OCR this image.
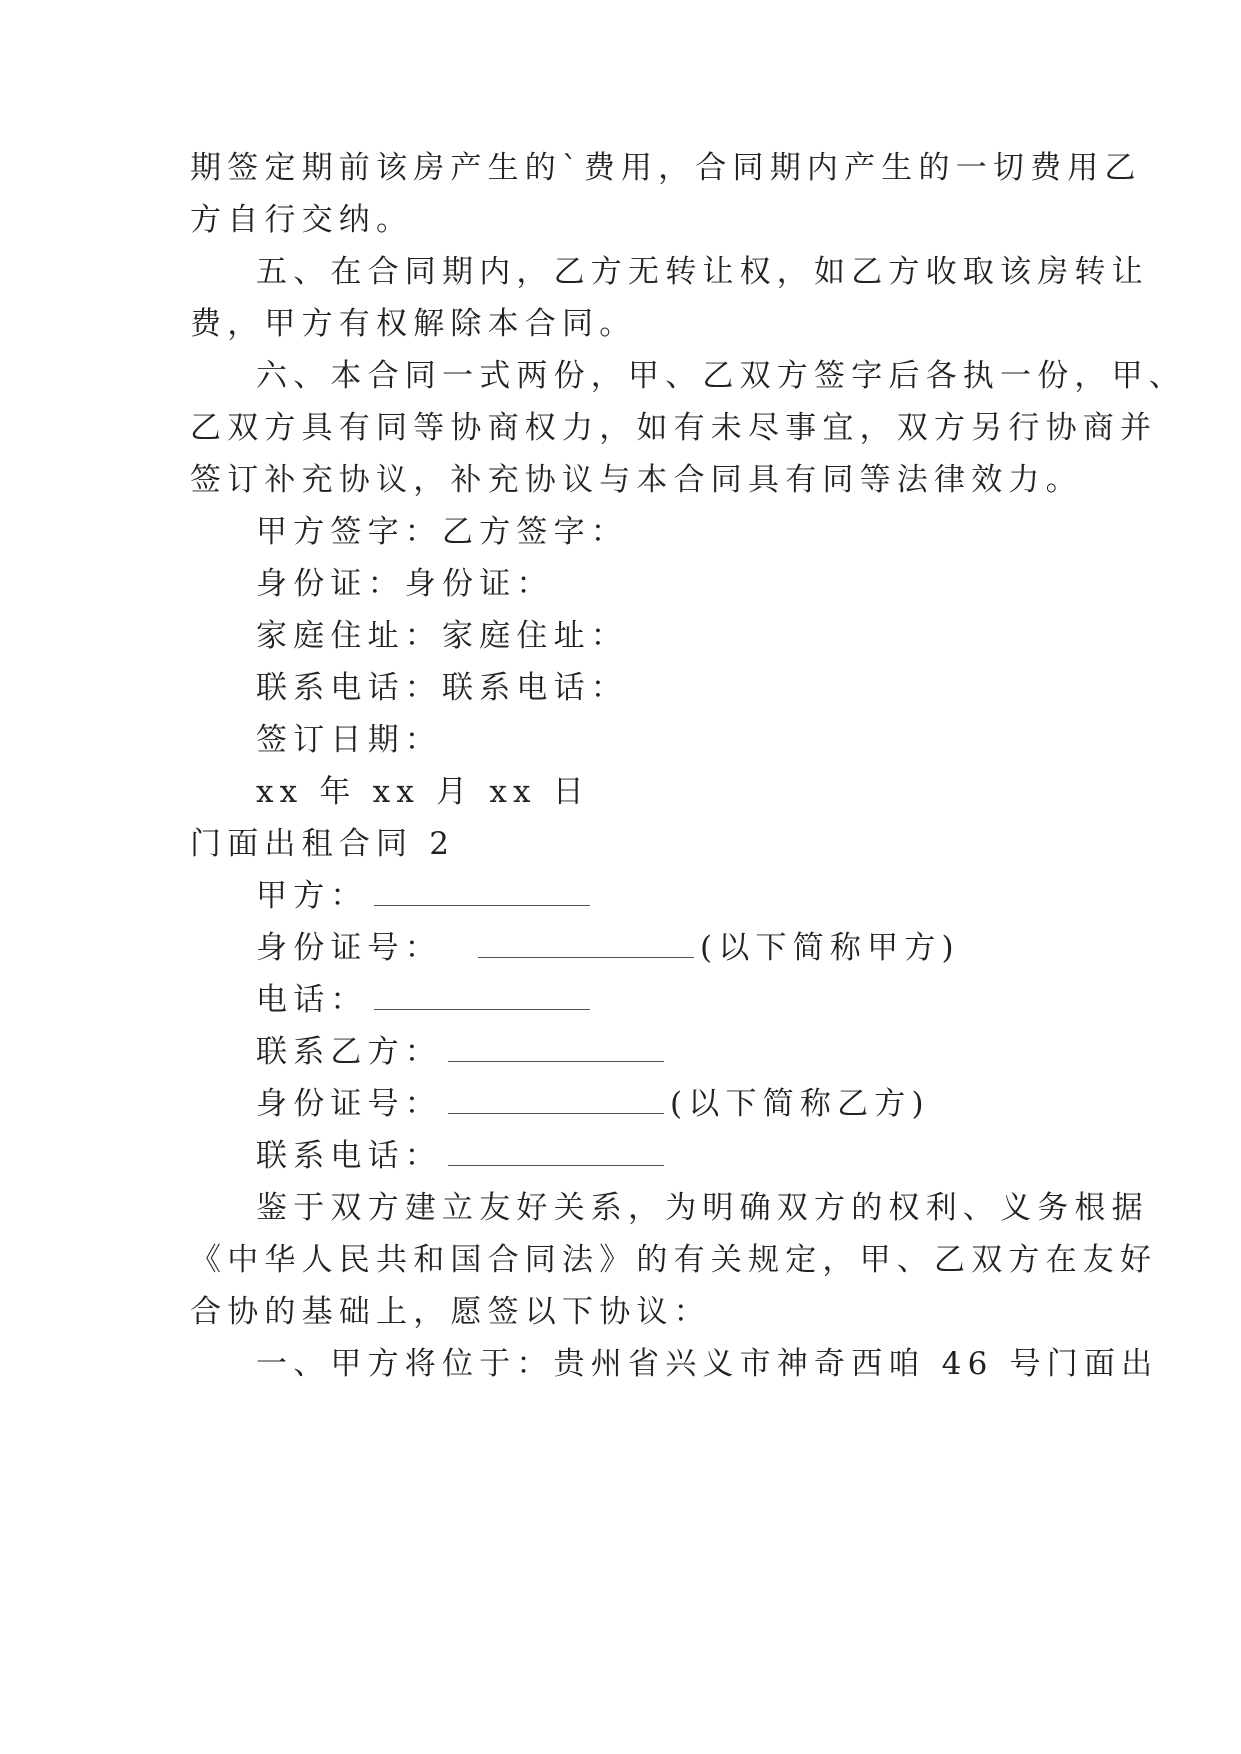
期签定期前该房产生的`费用，合同期内产生的一切费用乙
方自行交纳。
五、在合同期内，乙方无转让权，如乙方收取该房转让
费，甲方有权解除本合同。
六、本合同一式两份，甲、乙双方签字后各执一份，甲、
乙双方具有同等协商权力，如有未尽事宜，双方另行协商并
签订补充协议，补充协议与本合同具有同等法律效力。
甲方签字：乙方签字：
身份证：身份证：
家庭住址：家庭住址：
联系电话：联系电话：
签订日期：
xx 年 xx 月 xx 日
门面出租合同 2
甲方：
身份证号：	(以下简称甲方)
电话：
联系乙方：
身份证号：	(以下简称乙方)
联系电话：
鉴于双方建立友好关系，为明确双方的权利、义务根据
《中华人民共和国合同法》的有关规定，甲、乙双方在友好
合协的基础上，愿签以下协议：
一、甲方将位于：贵州省兴义市神奇西咱 46 号门面出
